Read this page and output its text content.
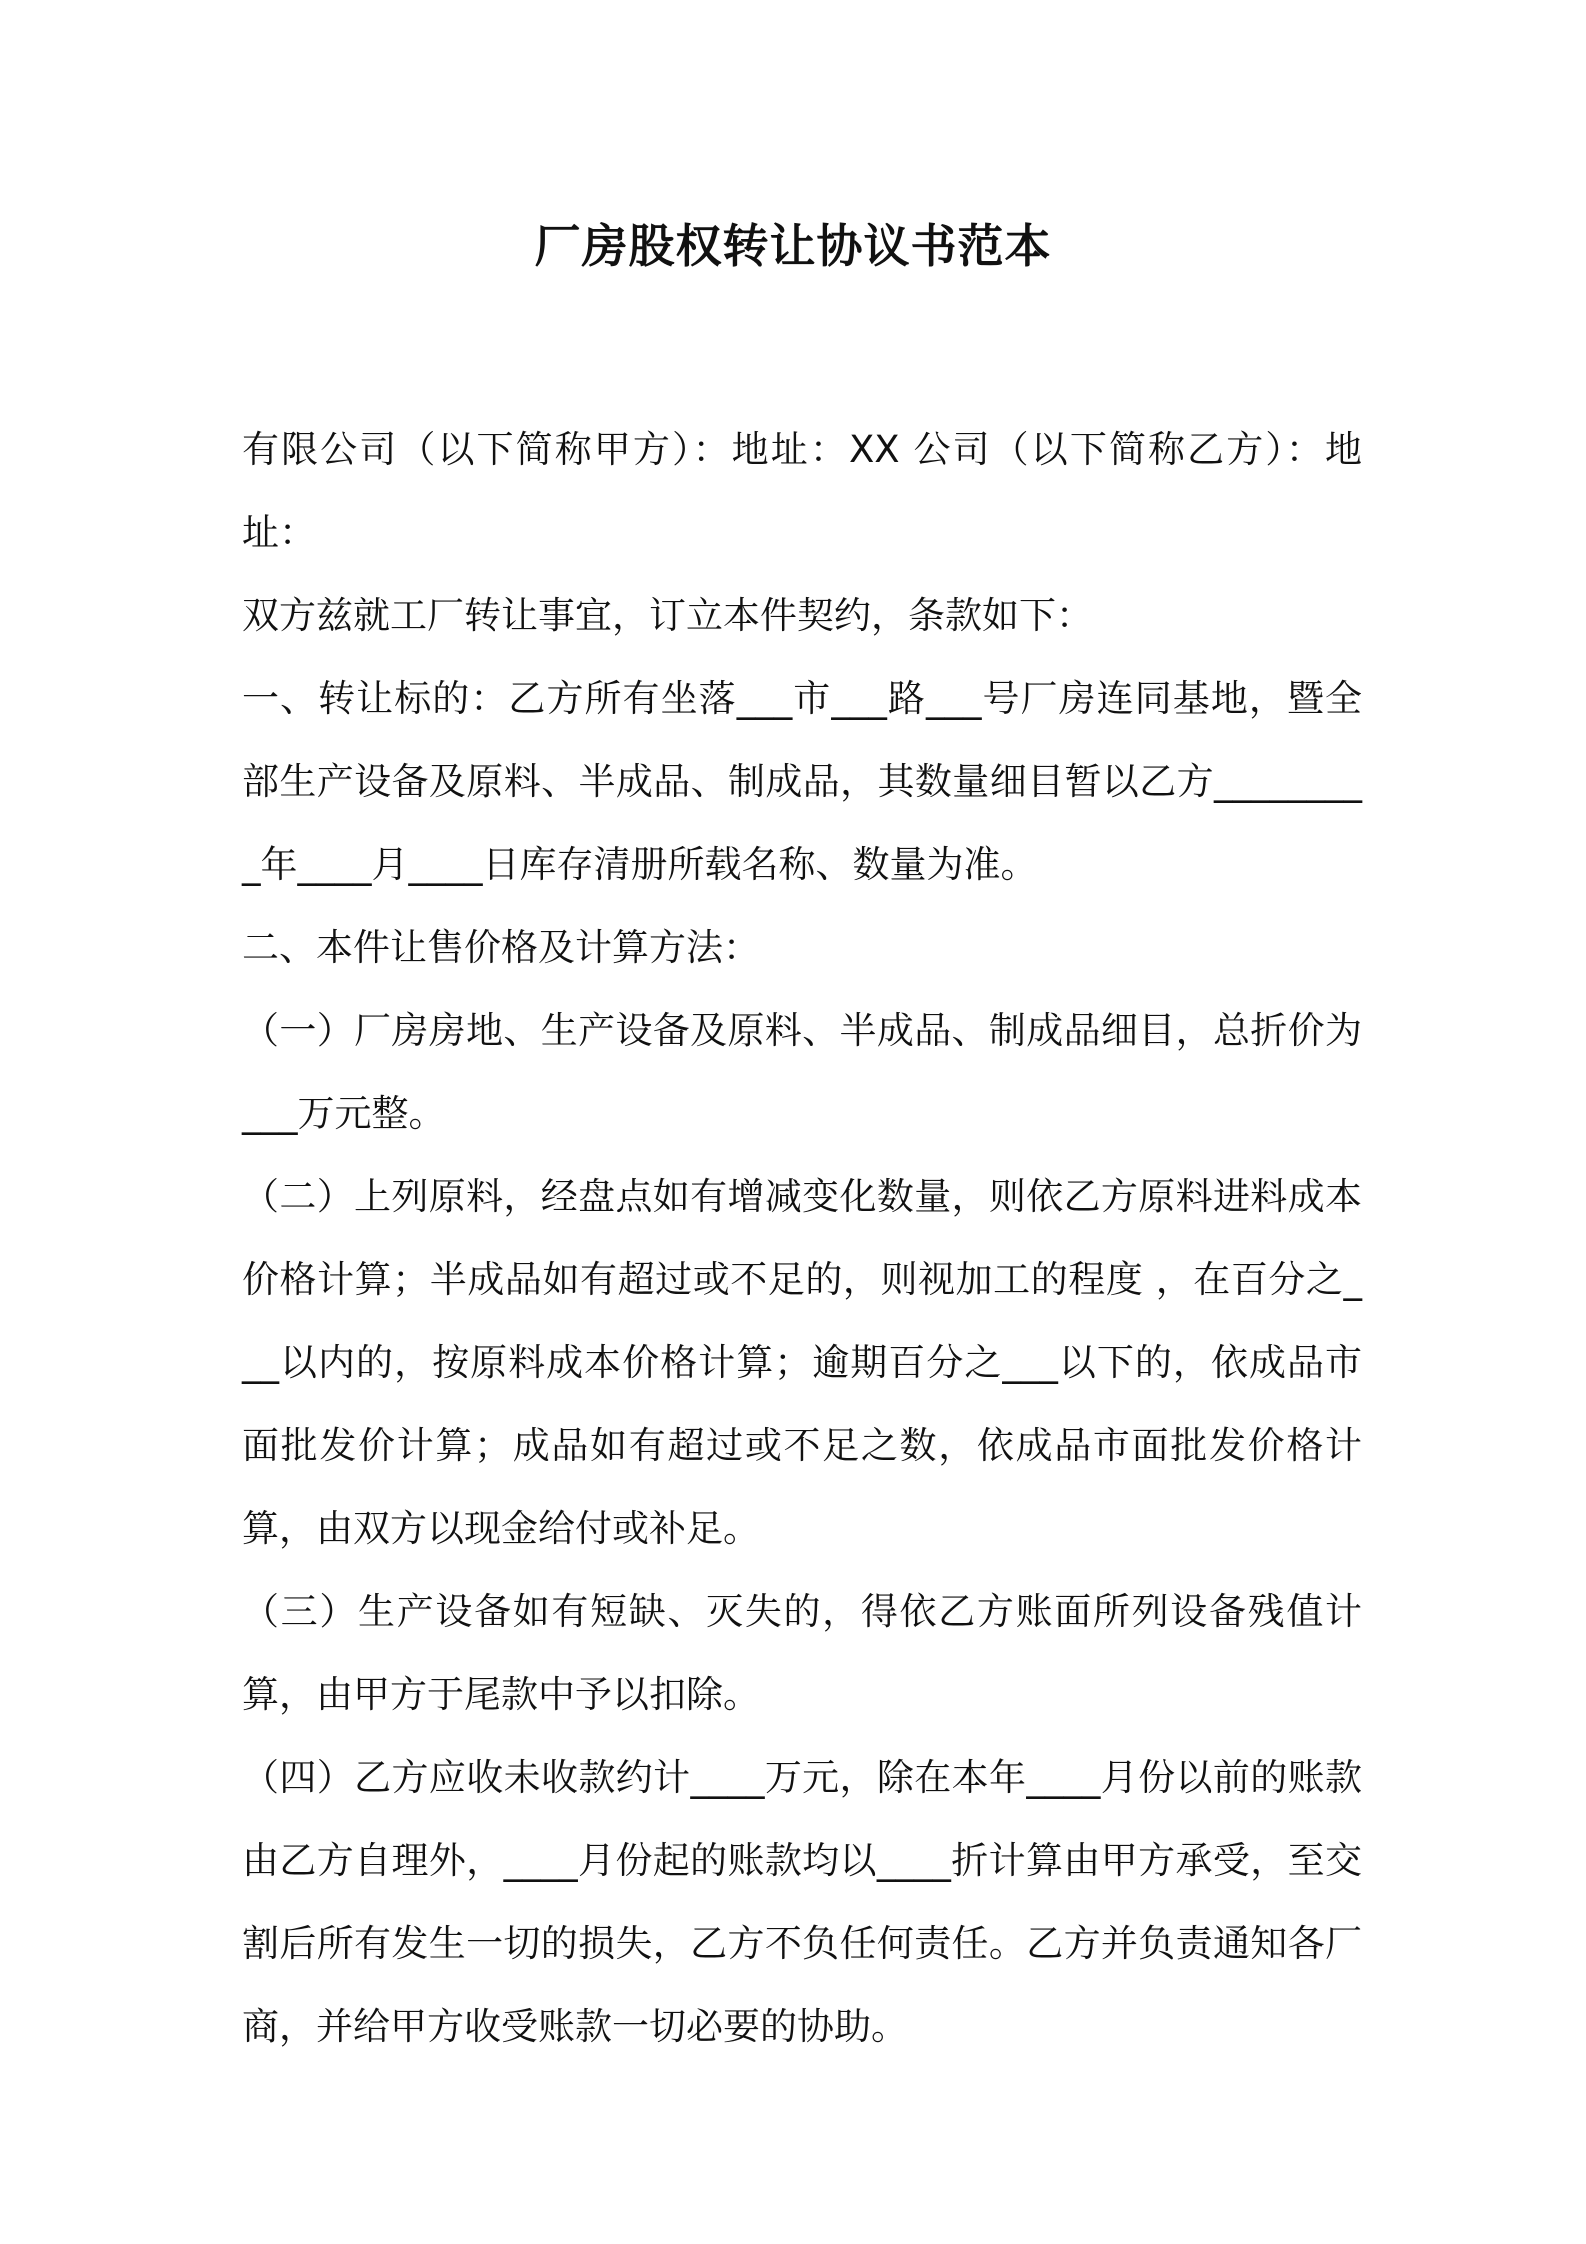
厂房股权转让协议书范本

有限公司（以下简称甲方）：地址：XX 公司（以下简称乙方）：地址：

双方兹就工厂转让事宜，订立本件契约，条款如下：

一、转让标的：乙方所有坐落___市___路___号厂房连同基地，暨全部生产设备及原料、半成品、制成品，其数量细目暂以乙方_________年____月____日库存清册所载名称、数量为准。

二、本件让售价格及计算方法：

（一）厂房房地、生产设备及原料、半成品、制成品细目，总折价为___万元整。

（二）上列原料，经盘点如有增减变化数量，则依乙方原料进料成本价格计算；半成品如有超过或不足的，则视加工的程度 ，在百分之___以内的，按原料成本价格计算；逾期百分之___以下的，依成品市面批发价计算；成品如有超过或不足之数，依成品市面批发价格计算，由双方以现金给付或补足。

（三）生产设备如有短缺、灭失的，得依乙方账面所列设备残值计算，由甲方于尾款中予以扣除。

（四）乙方应收未收款约计____万元，除在本年____月份以前的账款由乙方自理外，____月份起的账款均以____折计算由甲方承受，至交割后所有发生一切的损失，乙方不负任何责任。乙方并负责通知各厂商，并给甲方收受账款一切必要的协助。
